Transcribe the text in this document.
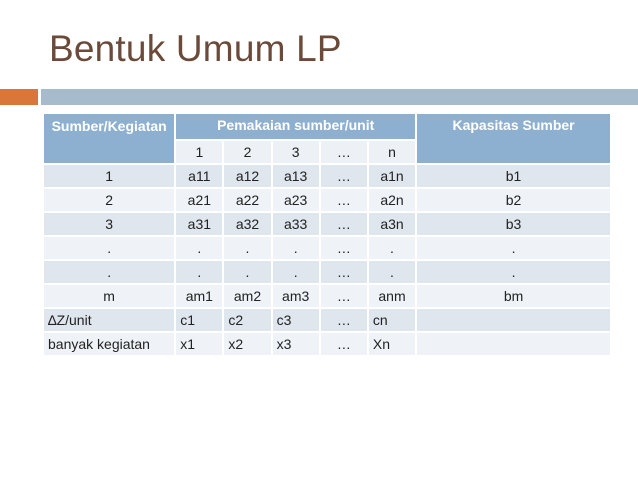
Bentuk Umum LP
Sumber/Kegiatan	Pemakaian sumber/unit					Kapasitas Sumber
	1	2	3	…	n	
1	a11	a12	a13	…	a1n	b1
2	a21	a22	a23	…	a2n	b2
3	a31	a32	a33	…	a3n	b3
.	.	.	.	…	.	.
.	.	.	.	…	.	.
m	am1	am2	am3	…	anm	bm
∆Z/unit	c1	c2	c3	…	cn	
banyak kegiatan	x1	x2	x3	…	Xn	
